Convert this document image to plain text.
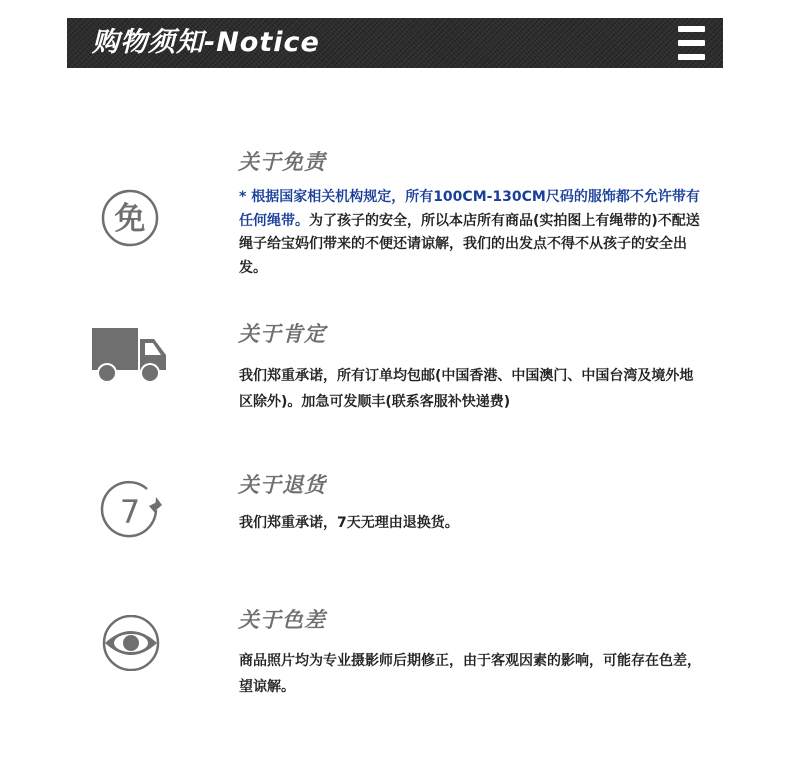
购物须知-Notice
免
关于免责
* 根据国家相关机构规定，所有100CM-130CM尺码的服饰都不允许带有任何绳带。为了孩子的安全，所以本店所有商品(实拍图上有绳带的)不配送绳子给宝妈们带来的不便还请谅解，我们的出发点不得不从孩子的安全出发。
关于肯定
我们郑重承诺，所有订单均包邮(中国香港、中国澳门、中国台湾及境外地区除外)。加急可发顺丰(联系客服补快递费)
7
关于退货
我们郑重承诺，7天无理由退换货。
关于色差
商品照片均为专业摄影师后期修正，由于客观因素的影响，可能存在色差，望谅解。
